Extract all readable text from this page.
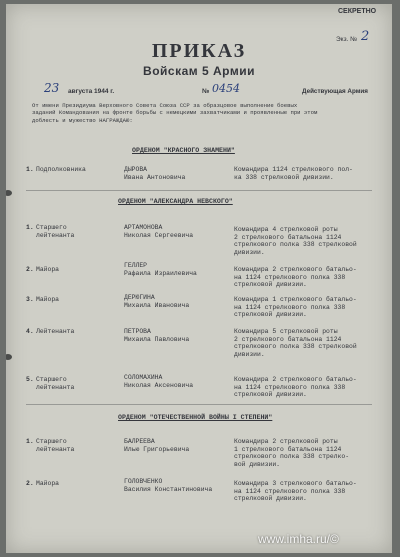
СЕКРЕТНО
Экз. № 2
ПРИКАЗ
Войскам 5 Армии
23 августа 1944 г.	№ 0454	Действующая Армия
От имени Президиума Верховного Совета Союза ССР за образцовое выполнение боевых
заданий Командования на фронте борьбы с немецкими захватчиками и проявленные при этом
доблесть и мужество НАГРАЖДАЮ:
ОРДЕНОМ "КРАСНОГО ЗНАМЕНИ"
1. Подполковника	ДЫРОВА
Ивана Антоновича
Командира 1124 стрелкового пол-
ка 338 стрелковой дивизии.
ОРДЕНОМ "АЛЕКСАНДРА НЕВСКОГО"
1. Старшего
лейтенанта
АРТАМОНОВА
Николая Сергеевича
Командира 4 стрелковой роты
2 стрелкового батальона 1124
стрелкового полка 338 стрелковой
дивизии.
2. Майора
ГЕЛЛЕР
Рафаила Израилевича
Командира 2 стрелкового батальо-
на 1124 стрелкового полка 338
стрелковой дивизии.
3. Майора	ДЕРЮГИНА
Михаила Ивановича
Командира 1 стрелкового батальо-
на 1124 стрелкового полка 338
стрелковой дивизии.
4. Лейтенанта	ПЕТРОВА
Михаила Павловича
Командира 5 стрелковой роты
2 стрелкового батальона 1124
стрелкового полка 338 стрелковой
дивизии.
5. Старшего
лейтенанта
СОЛОМАХИНА
Николая Аксеновича
Командира 2 стрелкового батальо-
на 1124 стрелкового полка 338
стрелковой дивизии.
ОРДЕНОМ "ОТЕЧЕСТВЕННОЙ ВОЙНЫ I СТЕПЕНИ"
1. Старшего
лейтенанта
БАЛРЕЕВА
Илью Григорьевича
Командира 2 стрелковой роты
1 стрелкового батальона 1124
стрелкового полка 338 стрелко-
вой дивизии.
2. Майора	ГОЛОВЧЕНКО
Василия Константиновича
Командира 3 стрелкового батальо-
на 1124 стрелкового полка 338
стрелковой дивизии.
www.imha.ru/©
